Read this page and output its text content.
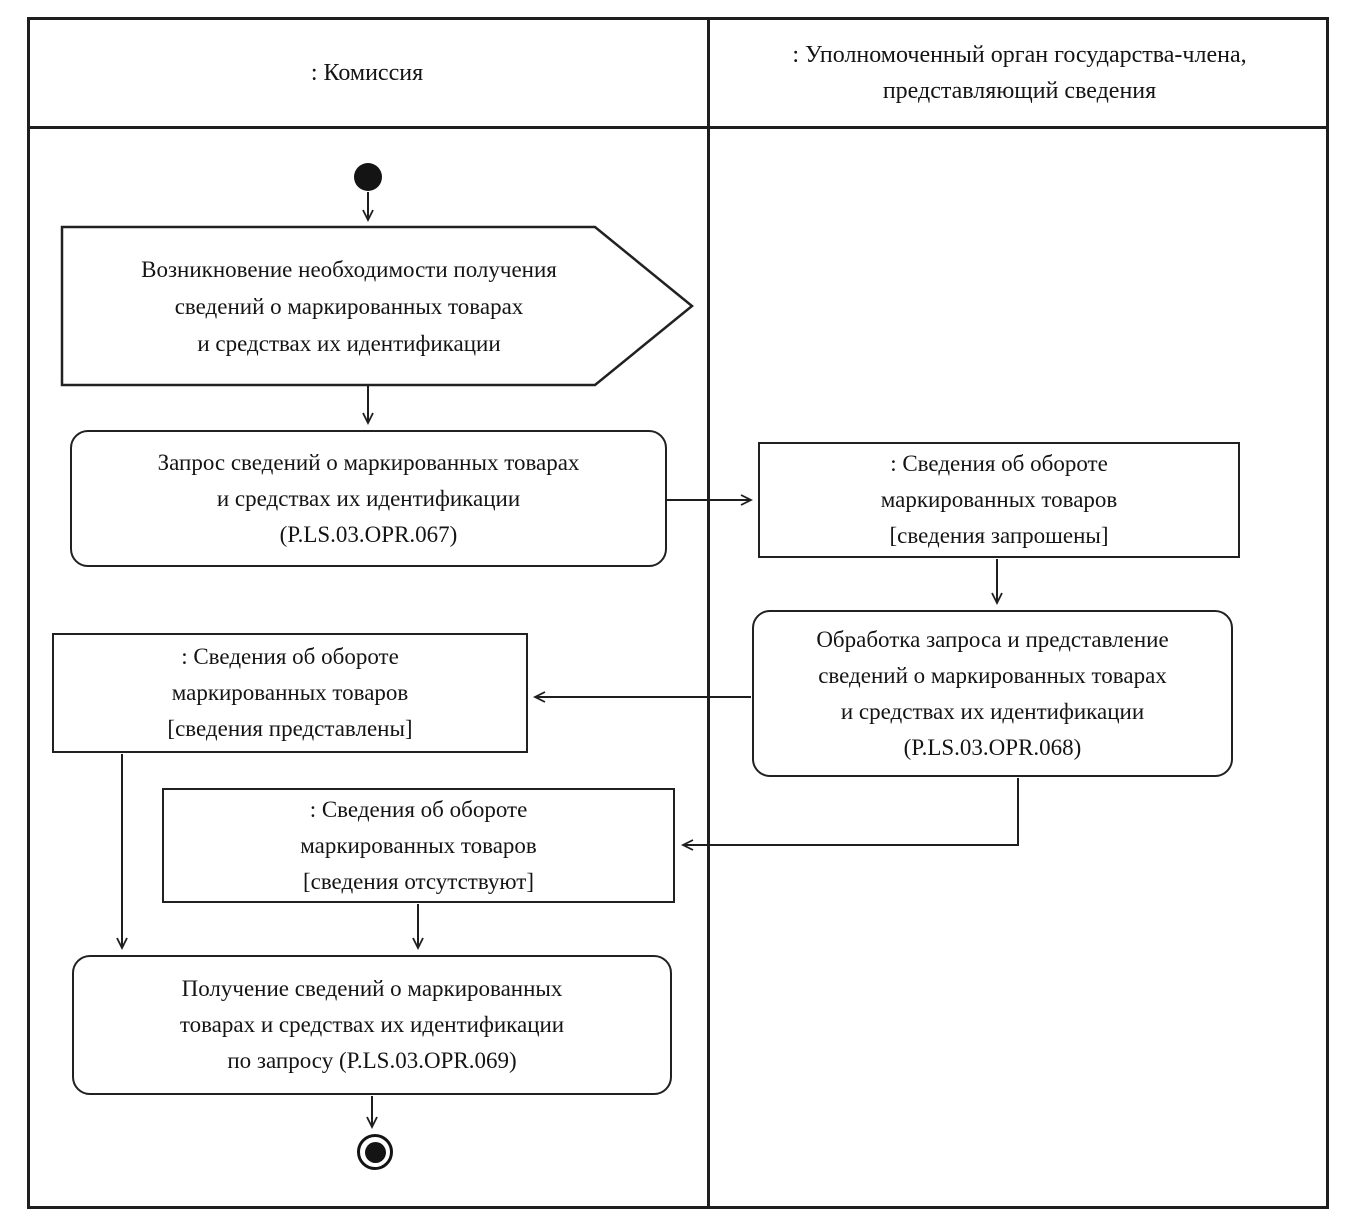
: Комиссия
: Уполномоченный орган государства-члена,
представляющий сведения
Возникновение необходимости получения
сведений о маркированных товарах
и средствах их идентификации
Запрос сведений о маркированных товарах
и средствах их идентификации
(P.LS.03.OPR.067)
: Сведения об обороте
маркированных товаров
[сведения запрошены]
Обработка запроса и представление
сведений о маркированных товарах
и средствах их идентификации
(P.LS.03.OPR.068)
: Сведения об обороте
маркированных товаров
[сведения представлены]
: Сведения об обороте
маркированных товаров
[сведения отсутствуют]
Получение сведений о маркированных
товарах и средствах их идентификации
по запросу (P.LS.03.OPR.069)
